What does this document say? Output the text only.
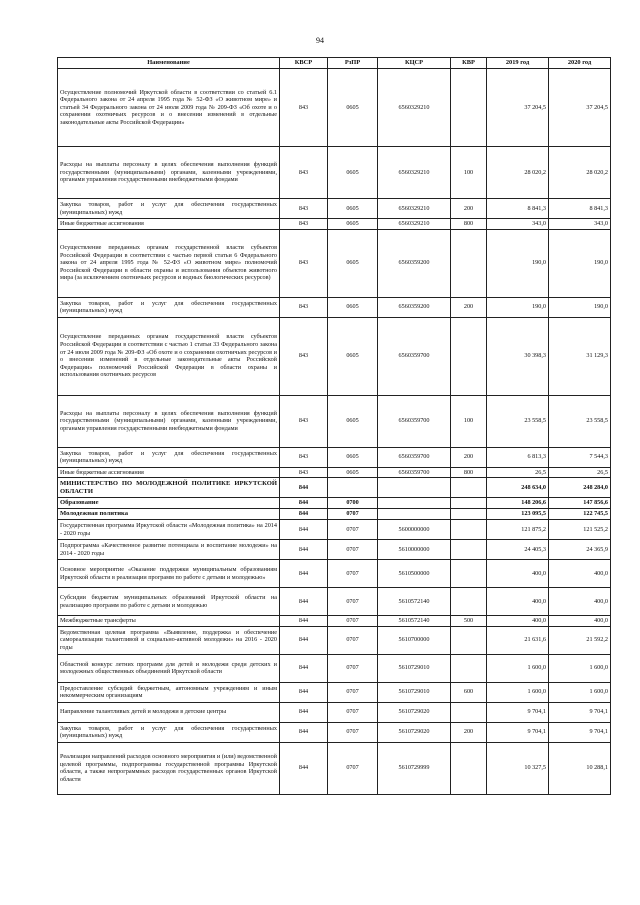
94
Наименование	КВСР	РзПР	КЦСР	КВР	2019 год	2020 год
Осуществление полномочий Иркутской области в соответствии со статьей 6.1 Федерального закона от 24 апреля 1995 года № 52-ФЗ «О животном мире» и статьей 34 Федерального закона от 24 июля 2009 года № 209-ФЗ «Об охоте и о сохранении охотничьих ресурсов и о внесении изменений в отдельные законодательные акты Российской Федерации»	843	0605	6560329210		37 204,5	37 204,5
Расходы на выплаты персоналу в целях обеспечения выполнения функций государственными (муниципальными) органами, казенными учреждениями, органами управления государственными внебюджетными фондами	843	0605	6560329210	100	28 020,2	28 020,2
Закупка товаров, работ и услуг для обеспечения государственных (муниципальных) нужд	843	0605	6560329210	200	8 841,3	8 841,3
Иные бюджетные ассигнования	843	0605	6560329210	800	343,0	343,0
Осуществление переданных органам государственной власти субъектов Российской Федерации в соответствии с частью первой статьи 6 Федерального закона от 24 апреля 1995 года № 52-ФЗ «О животном мире» полномочий Российской Федерации в области охраны и использования объектов животного мира (за исключением охотничьих ресурсов и водных биологических ресурсов)	843	0605	6560359200		190,0	190,0
Закупка товаров, работ и услуг для обеспечения государственных (муниципальных) нужд	843	0605	6560359200	200	190,0	190,0
Осуществление переданных органам государственной власти субъектов Российской Федерации в соответствии с частью 1 статьи 33 Федерального закона от 24 июля 2009 года № 209-ФЗ «Об охоте и о сохранении охотничьих ресурсов и о внесении изменений в отдельные законодательные акты Российской Федерации» полномочий Российской Федерации в области охраны и использования охотничьих ресурсов	843	0605	6560359700		30 398,3	31 129,3
Расходы на выплаты персоналу в целях обеспечения выполнения функций государственными (муниципальными) органами, казенными учреждениями, органами управления государственными внебюджетными фондами	843	0605	6560359700	100	23 558,5	23 558,5
Закупка товаров, работ и услуг для обеспечения государственных (муниципальных) нужд	843	0605	6560359700	200	6 813,3	7 544,3
Иные бюджетные ассигнования	843	0605	6560359700	800	26,5	26,5
МИНИСТЕРСТВО ПО МОЛОДЕЖНОЙ ПОЛИТИКЕ ИРКУТСКОЙ ОБЛАСТИ	844				248 634,0	248 284,0
Образование	844	0700			148 206,6	147 856,6
Молодежная политика	844	0707			123 095,5	122 745,5
Государственная программа Иркутской области «Молодежная политика» на 2014 - 2020 годы	844	0707	5600000000		121 875,2	121 525,2
Подпрограмма «Качественное развитие потенциала и воспитание молодежи» на 2014 - 2020 годы	844	0707	5610000000		24 405,3	24 365,9
Основное мероприятие «Оказание поддержки муниципальным образованиям Иркутской области в реализации программ по работе с детьми и молодежью»	844	0707	5610500000		400,0	400,0
Субсидии бюджетам муниципальных образований Иркутской области на реализацию программ по работе с детьми и молодежью	844	0707	5610572140		400,0	400,0
Межбюджетные трансферты	844	0707	5610572140	500	400,0	400,0
Ведомственная целевая программа «Выявление, поддержка и обеспечение самореализации талантливой и социально-активной молодежи» на 2016 - 2020 годы	844	0707	5610700000		21 631,6	21 592,2
Областной конкурс летних программ для детей и молодежи среди детских и молодежных общественных объединений Иркутской области	844	0707	5610729010		1 600,0	1 600,0
Предоставление субсидий бюджетным, автономным учреждениям и иным некоммерческим организациям	844	0707	5610729010	600	1 600,0	1 600,0
Направление талантливых детей и молодежи в детские центры	844	0707	5610729020		9 704,1	9 704,1
Закупка товаров, работ и услуг для обеспечения государственных (муниципальных) нужд	844	0707	5610729020	200	9 704,1	9 704,1
Реализация направлений расходов основного мероприятия и (или) ведомственной целевой программы, подпрограммы государственной программы Иркутской области, а также непрограммных расходов государственных органов Иркутской области	844	0707	5610729999		10 327,5	10 288,1
